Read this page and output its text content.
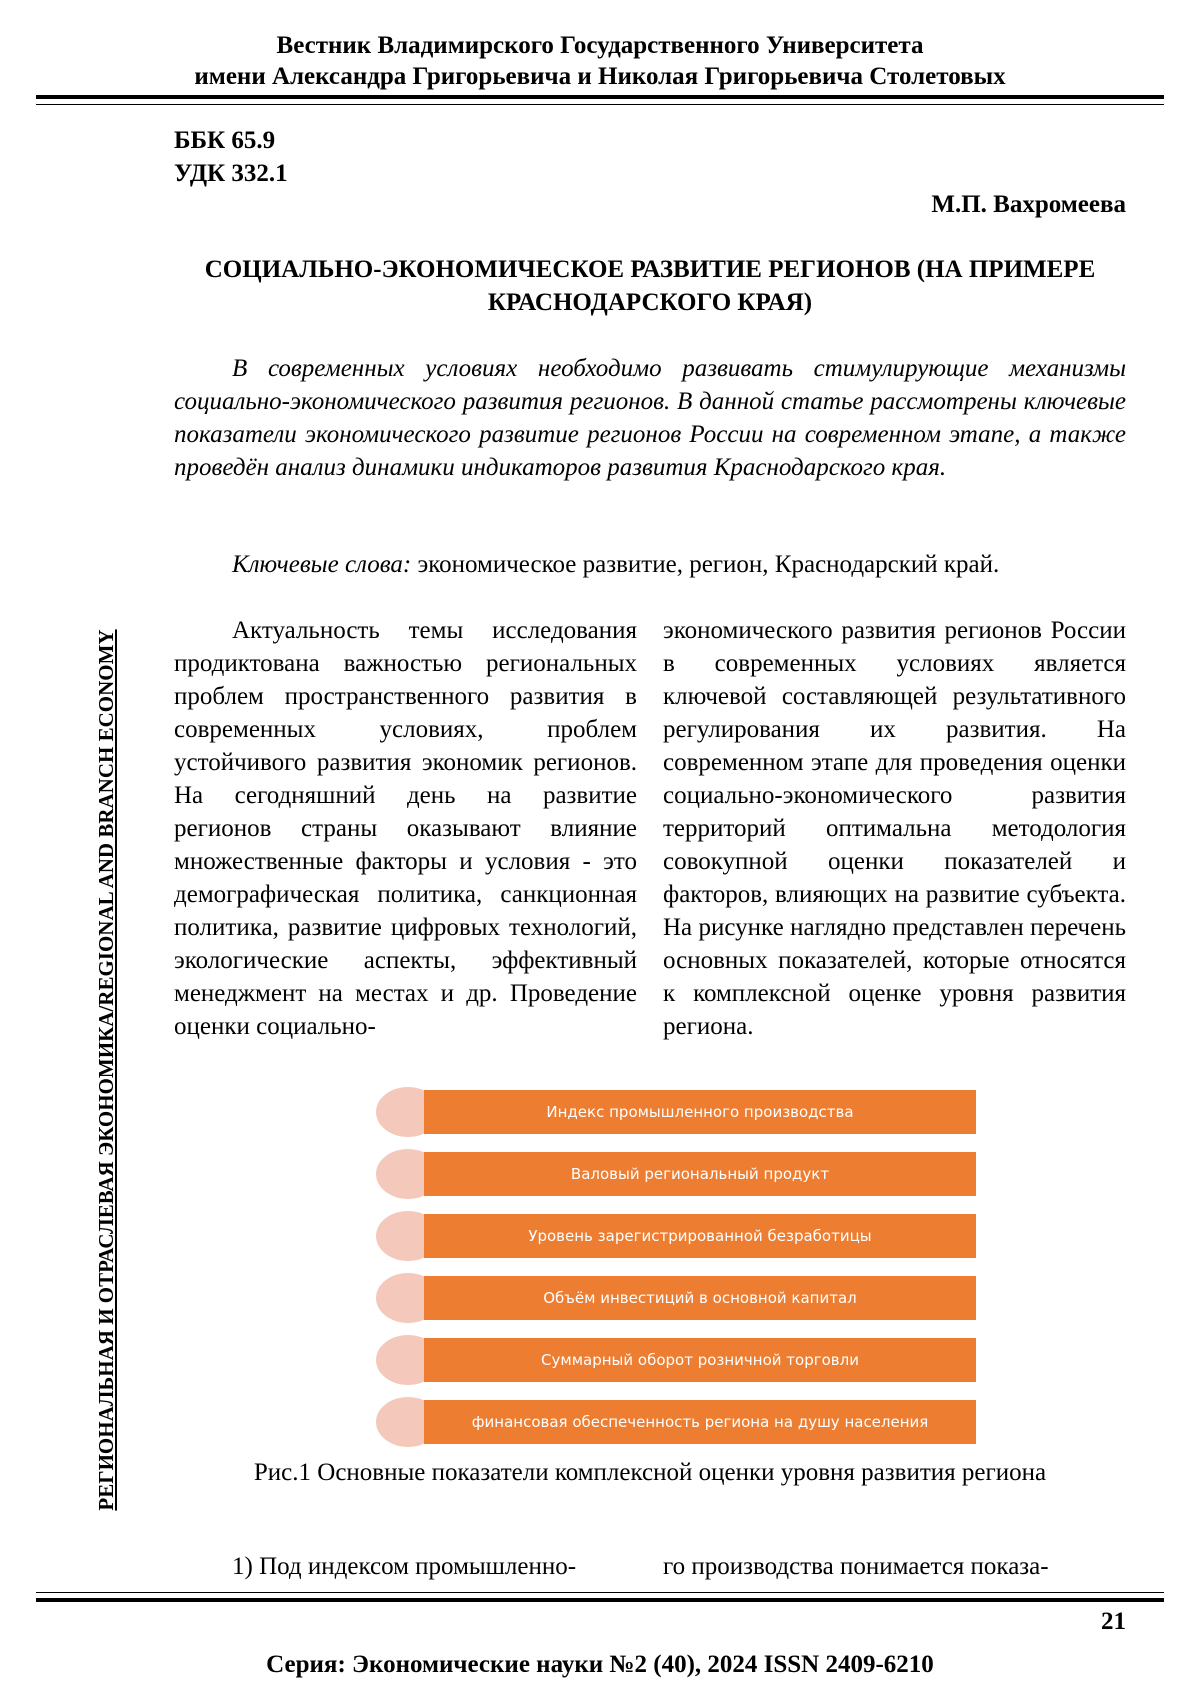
Вестник Владимирского Государственного Университета
имени Александра Григорьевича и Николая Григорьевича Столетовых
ББК 65.9
УДК 332.1
М.П. Вахромеева
СОЦИАЛЬНО-ЭКОНОМИЧЕСКОЕ РАЗВИТИЕ РЕГИОНОВ (НА ПРИМЕРЕ КРАСНОДАРСКОГО КРАЯ)
В современных условиях необходимо развивать стимулирующие механизмы социально-экономического развития регионов. В данной статье рассмотрены ключевые показатели экономического развитие регионов России на современном этапе, а также проведён анализ динамики индикаторов развития Краснодарского края.
Ключевые слова: экономическое развитие, регион, Краснодарский край.
РЕГИОНАЛЬНАЯ И ОТРАСЛЕВАЯ ЭКОНОМИКА/REGIONAL AND BRANCH ECONOMY	Актуальность темы исследования продиктована важностью региональных проблем пространственного развития в современных условиях, проблем устойчивого развития экономик регионов. На сегодняшний день на развитие регионов страны оказывают влияние множественные факторы и условия - это демографическая политика, санкционная политика, развитие цифровых технологий, экологические аспекты, эффективный менеджмент на местах и др. Проведение оценки социально-
экономического развития регионов России в современных условиях является ключевой составляющей результативного регулирования их развития. На современном этапе для проведения оценки социально-экономического развития территорий оптимальна методология совокупной оценки показателей и факторов, влияющих на развитие субъекта. На рисунке наглядно представлен перечень основных показателей, которые относятся к комплексной оценке уровня развития региона.
Индекс промышленного производства
Валовый региональный продукт
Уровень зарегистрированной безработицы
Объём инвестиций в основной капитал
Суммарный оборот розничной торговли
финансовая обеспеченность региона на душу населения
Рис.1 Основные показатели комплексной оценки уровня развития региона
1) Под индексом промышленно-	го производства понимается показа-
21
Серия: Экономические науки №2 (40), 2024 ISSN 2409-6210
